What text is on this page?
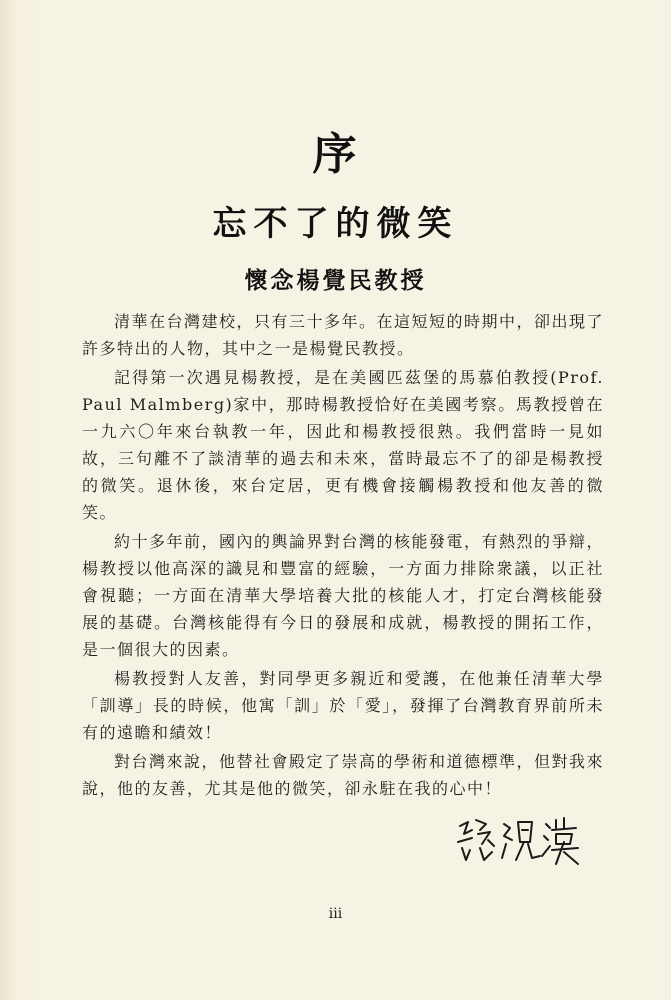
序
忘不了的微笑
懷念楊覺民教授

清華在台灣建校，只有三十多年。在這短短的時期中，卻出現了許多特出的人物，其中之一是楊覺民教授。

記得第一次遇見楊教授，是在美國匹茲堡的馬慕伯教授(Prof. Paul Malmberg)家中，那時楊教授恰好在美國考察。馬教授曾在一九六〇年來台執教一年，因此和楊教授很熟。我們當時一見如故，三句離不了談清華的過去和未來，當時最忘不了的卻是楊教授的微笑。退休後，來台定居，更有機會接觸楊教授和他友善的微笑。

約十多年前，國內的輿論界對台灣的核能發電，有熱烈的爭辯，楊教授以他高深的識見和豐富的經驗，一方面力排除衆議，以正社會視聽；一方面在清華大學培養大批的核能人才，打定台灣核能發展的基礎。台灣核能得有今日的發展和成就，楊教授的開拓工作，是一個很大的因素。

楊教授對人友善，對同學更多親近和愛護，在他兼任清華大學「訓導」長的時候，他寓「訓」於「愛」，發揮了台灣教育界前所未有的遠瞻和績效！

對台灣來說，他替社會殿定了崇高的學術和道德標準，但對我來說，他的友善，尤其是他的微笑，卻永駐在我的心中！

iii
